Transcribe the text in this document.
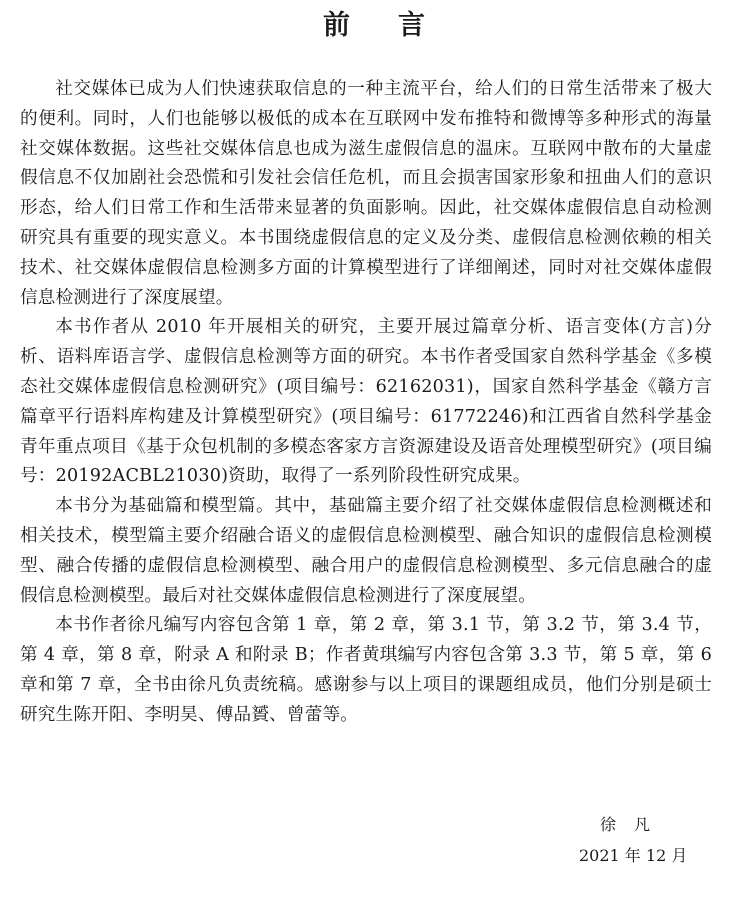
前言

社交媒体已成为人们快速获取信息的一种主流平台，给人们的日常生活带来了极大的便利。同时，人们也能够以极低的成本在互联网中发布推特和微博等多种形式的海量社交媒体数据。这些社交媒体信息也成为滋生虚假信息的温床。互联网中散布的大量虚假信息不仅加剧社会恐慌和引发社会信任危机，而且会损害国家形象和扭曲人们的意识形态，给人们日常工作和生活带来显著的负面影响。因此，社交媒体虚假信息自动检测研究具有重要的现实意义。本书围绕虚假信息的定义及分类、虚假信息检测依赖的相关技术、社交媒体虚假信息检测多方面的计算模型进行了详细阐述，同时对社交媒体虚假信息检测进行了深度展望。

本书作者从 2010 年开展相关的研究，主要开展过篇章分析、语言变体(方言)分析、语料库语言学、虚假信息检测等方面的研究。本书作者受国家自然科学基金《多模态社交媒体虚假信息检测研究》(项目编号：62162031)，国家自然科学基金《赣方言篇章平行语料库构建及计算模型研究》(项目编号：61772246)和江西省自然科学基金青年重点项目《基于众包机制的多模态客家方言资源建设及语音处理模型研究》(项目编号：20192ACBL21030)资助，取得了一系列阶段性研究成果。

本书分为基础篇和模型篇。其中，基础篇主要介绍了社交媒体虚假信息检测概述和相关技术，模型篇主要介绍融合语义的虚假信息检测模型、融合知识的虚假信息检测模型、融合传播的虚假信息检测模型、融合用户的虚假信息检测模型、多元信息融合的虚假信息检测模型。最后对社交媒体虚假信息检测进行了深度展望。

本书作者徐凡编写内容包含第 1 章，第 2 章，第 3.1 节，第 3.2 节，第 3.4 节，第 4 章，第 8 章，附录 A 和附录 B；作者黄琪编写内容包含第 3.3 节，第 5 章，第 6 章和第 7 章，全书由徐凡负责统稿。感谢参与以上项目的课题组成员，他们分别是硕士研究生陈开阳、李明昊、傅品贇、曾蕾等。

徐凡
2021 年 12 月
